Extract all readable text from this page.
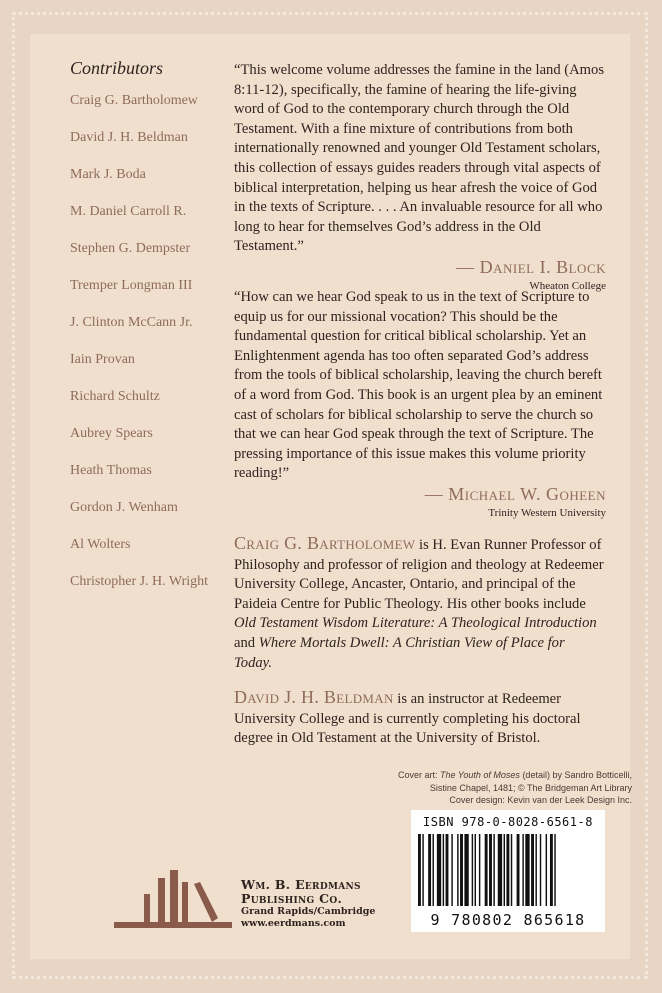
Contributors
Craig G. Bartholomew
David J. H. Beldman
Mark J. Boda
M. Daniel Carroll R.
Stephen G. Dempster
Tremper Longman III
J. Clinton McCann Jr.
Iain Provan
Richard Schultz
Aubrey Spears
Heath Thomas
Gordon J. Wenham
Al Wolters
Christopher J. H. Wright
“This welcome volume addresses the famine in the land (Amos 8:11-12), specifically, the famine of hearing the life-giving word of God to the contemporary church through the Old Testament. With a fine mixture of contributions from both internationally renowned and younger Old Testament scholars, this collection of essays guides readers through vital aspects of biblical interpretation, helping us hear afresh the voice of God in the texts of Scripture. . . . An invaluable resource for all who long to hear for themselves God’s address in the Old Testament.”
— Daniel I. Block
Wheaton College
“How can we hear God speak to us in the text of Scripture to equip us for our missional vocation? This should be the fundamental question for critical biblical scholarship. Yet an Enlightenment agenda has too often separated God’s address from the tools of biblical scholarship, leaving the church bereft of a word from God. This book is an urgent plea by an eminent cast of scholars for biblical scholarship to serve the church so that we can hear God speak through the text of Scripture. The pressing importance of this issue makes this volume priority reading!”
— Michael W. Goheen
Trinity Western University
Craig G. Bartholomew is H. Evan Runner Professor of Philosophy and professor of religion and theology at Redeemer University College, Ancaster, Ontario, and principal of the Paideia Centre for Public Theology. His other books include Old Testament Wisdom Literature: A Theological Introduction and Where Mortals Dwell: A Christian View of Place for Today.
David J. H. Beldman is an instructor at Redeemer University College and is currently completing his doctoral degree in Old Testament at the University of Bristol.
Cover art: The Youth of Moses (detail) by Sandro Botticelli,
Sistine Chapel, 1481; © The Bridgeman Art Library
Cover design: Kevin van der Leek Design Inc.
ISBN 978-0-8028-6561-8
9 780802 865618
Wm. B. Eerdmans
Publishing Co.
Grand Rapids/Cambridge
www.eerdmans.com
